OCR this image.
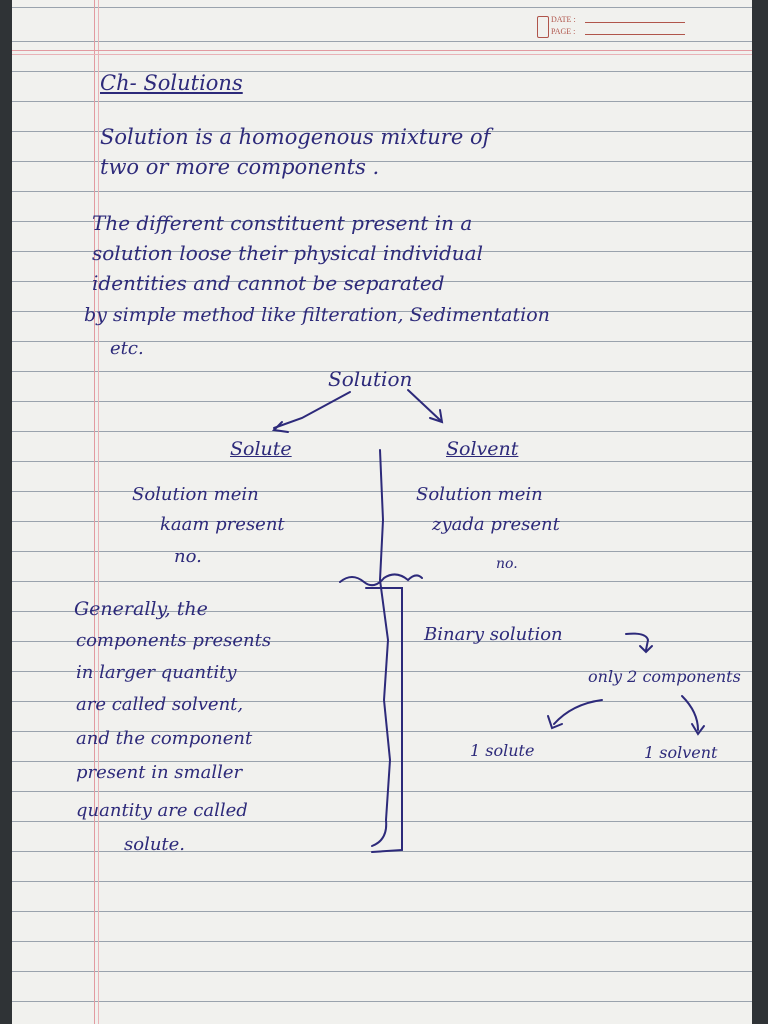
DATE :
PAGE :
Ch- Solutions
Solution is a homogenous mixture of
two or more components .
The different constituent present in a
solution loose their physical individual
identities and cannot be separated
by simple method like filteration, Sedimentation
etc.
Solution
Solute	Solvent
Solution mein
kaam present
no.
Solution mein
zyada present
no.
Generally, the
components presents
in larger quantity
are called solvent,
and the component
present in smaller
quantity are called
solute.
Binary solution
only 2 components
1 solute	1 solvent
